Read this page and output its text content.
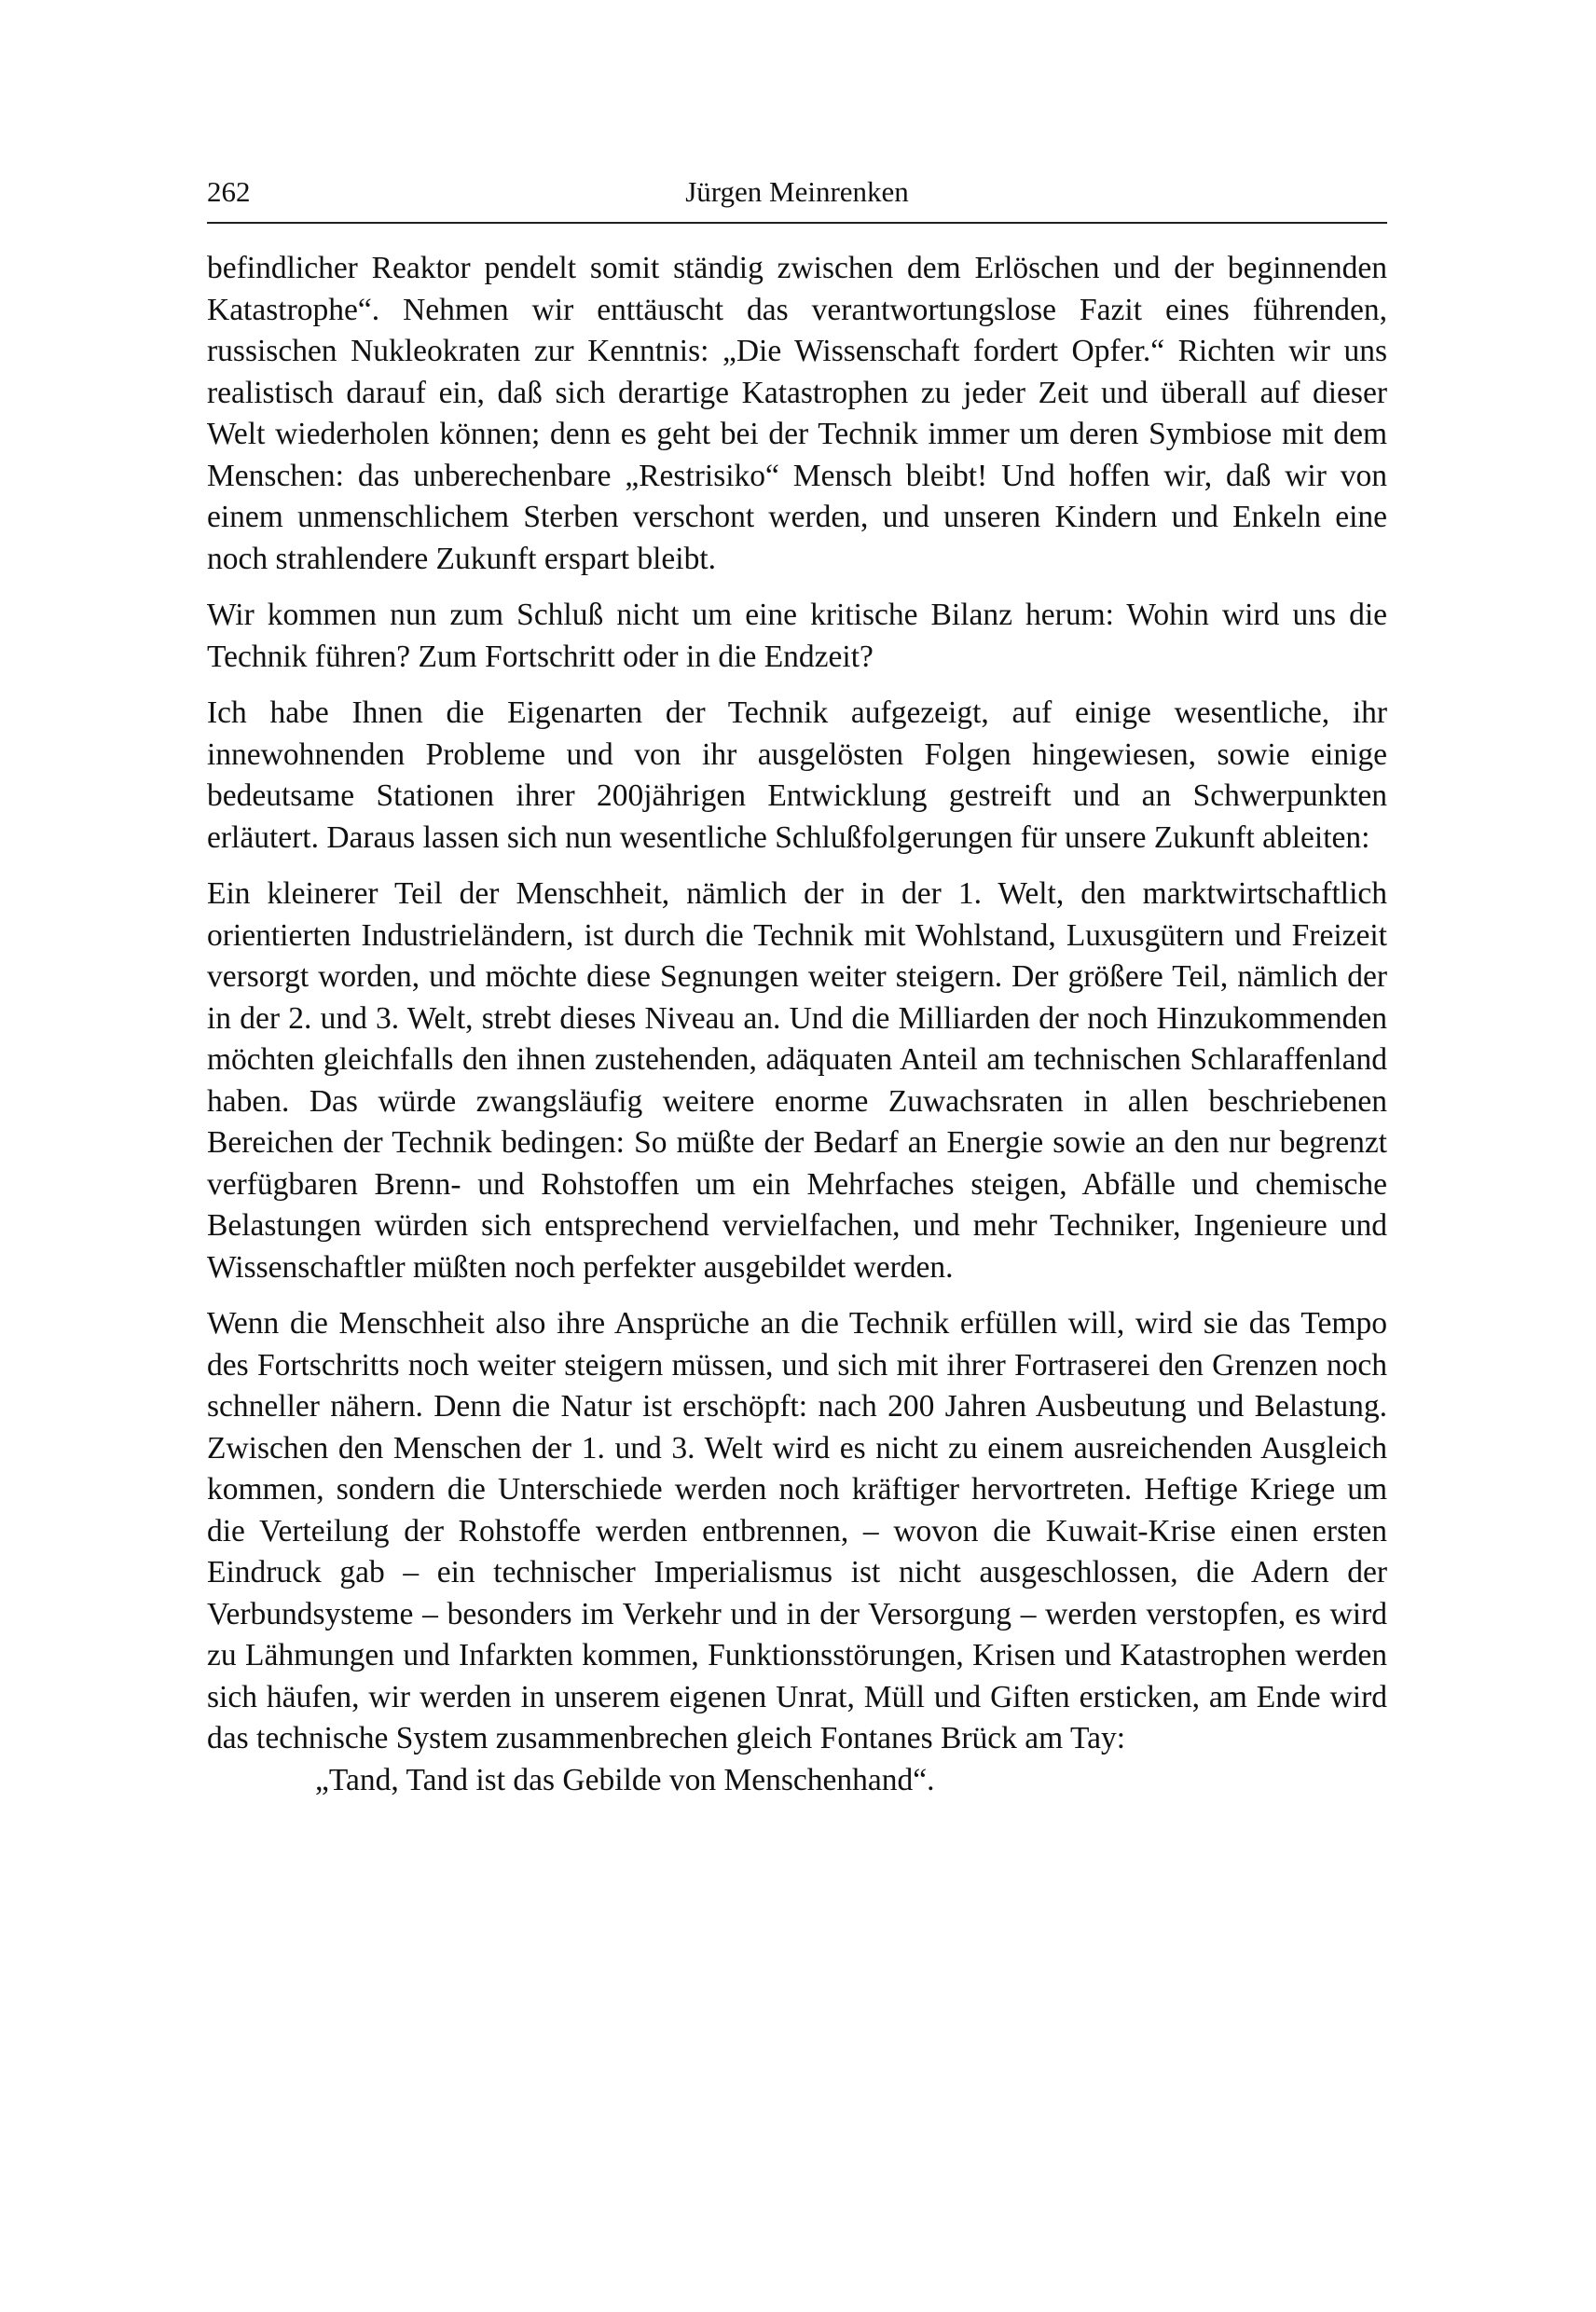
262	Jürgen Meinrenken

befindlicher Reaktor pendelt somit ständig zwischen dem Erlöschen und der beginnenden Katastrophe“. Nehmen wir enttäuscht das verantwortungslose Fazit eines führenden, russischen Nukleokraten zur Kenntnis: „Die Wissenschaft fordert Opfer.“ Richten wir uns realistisch darauf ein, daß sich derartige Katastrophen zu jeder Zeit und überall auf dieser Welt wiederholen können; denn es geht bei der Technik immer um deren Symbiose mit dem Menschen: das unberechenbare „Restrisiko“ Mensch bleibt! Und hoffen wir, daß wir von einem unmenschlichem Sterben verschont werden, und unseren Kindern und Enkeln eine noch strahlendere Zukunft erspart bleibt.

Wir kommen nun zum Schluß nicht um eine kritische Bilanz herum: Wohin wird uns die Technik führen? Zum Fortschritt oder in die Endzeit?

Ich habe Ihnen die Eigenarten der Technik aufgezeigt, auf einige wesentliche, ihr innewohnenden Probleme und von ihr ausgelösten Folgen hingewiesen, sowie einige bedeutsame Stationen ihrer 200jährigen Entwicklung gestreift und an Schwerpunkten erläutert. Daraus lassen sich nun wesentliche Schlußfolgerungen für unsere Zukunft ableiten:

Ein kleinerer Teil der Menschheit, nämlich der in der 1. Welt, den marktwirtschaftlich orientierten Industrieländern, ist durch die Technik mit Wohlstand, Luxusgütern und Freizeit versorgt worden, und möchte diese Segnungen weiter steigern. Der größere Teil, nämlich der in der 2. und 3. Welt, strebt dieses Niveau an. Und die Milliarden der noch Hinzukommenden möchten gleichfalls den ihnen zustehenden, adäquaten Anteil am technischen Schlaraffenland haben. Das würde zwangsläufig weitere enorme Zuwachsraten in allen beschriebenen Bereichen der Technik bedingen: So müßte der Bedarf an Energie sowie an den nur begrenzt verfügbaren Brenn- und Rohstoffen um ein Mehrfaches steigen, Abfälle und chemische Belastungen würden sich entsprechend vervielfachen, und mehr Techniker, Ingenieure und Wissenschaftler müßten noch perfekter ausgebildet werden.

Wenn die Menschheit also ihre Ansprüche an die Technik erfüllen will, wird sie das Tempo des Fortschritts noch weiter steigern müssen, und sich mit ihrer Fortraserei den Grenzen noch schneller nähern. Denn die Natur ist erschöpft: nach 200 Jahren Ausbeutung und Belastung. Zwischen den Menschen der 1. und 3. Welt wird es nicht zu einem ausreichenden Ausgleich kommen, sondern die Unterschiede werden noch kräftiger hervortreten. Heftige Kriege um die Verteilung der Rohstoffe werden entbrennen, – wovon die Kuwait-Krise einen ersten Eindruck gab – ein technischer Imperialismus ist nicht ausgeschlossen, die Adern der Verbundsysteme – besonders im Verkehr und in der Versorgung – werden verstopfen, es wird zu Lähmungen und Infarkten kommen, Funktionsstörungen, Krisen und Katastrophen werden sich häufen, wir werden in unserem eigenen Unrat, Müll und Giften ersticken, am Ende wird das technische System zusammenbrechen gleich Fontanes Brück am Tay:

„Tand, Tand ist das Gebilde von Menschenhand“.
